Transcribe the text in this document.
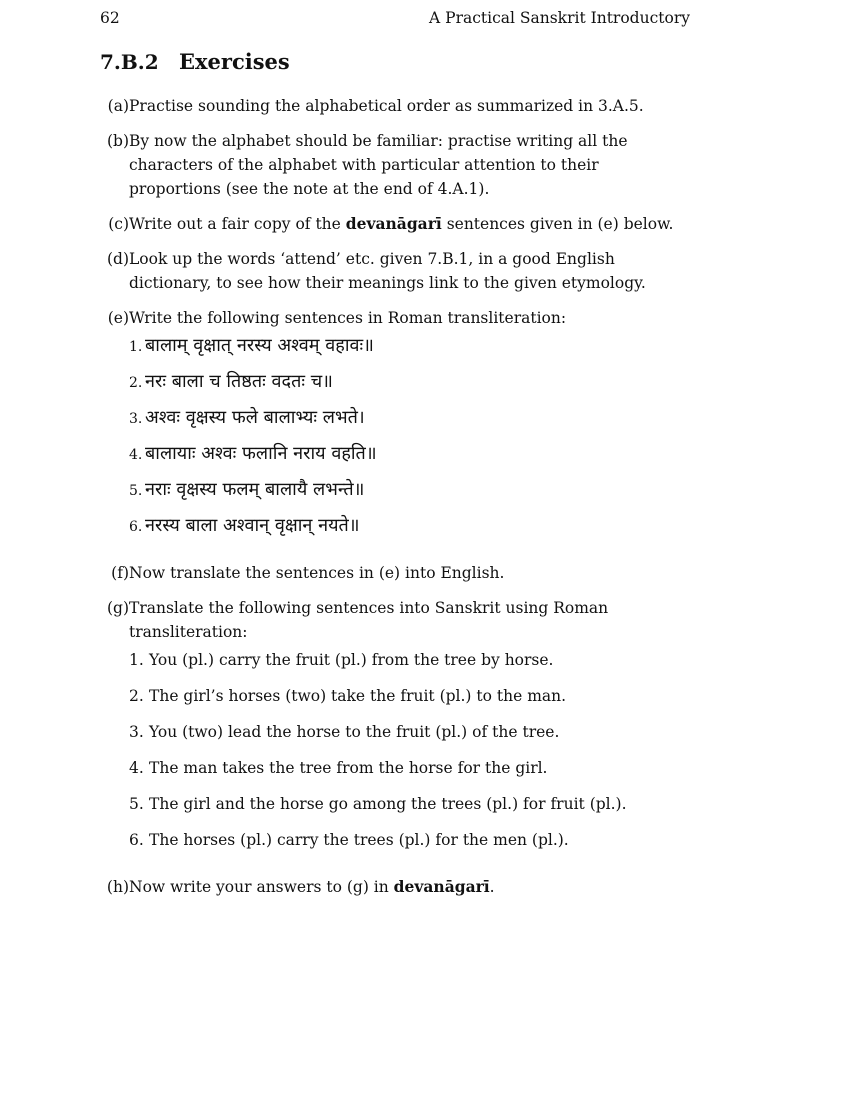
62	A Practical Sanskrit Introductory
7.B.2 Exercises
(a) Practise sounding the alphabetical order as summarized in 3.A.5.
(b) By now the alphabet should be familiar: practise writing all the characters of the alphabet with particular attention to their proportions (see the note at the end of 4.A.1).
(c) Write out a fair copy of the devanāgarī sentences given in (e) below.
(d) Look up the words ‘attend’ etc. given 7.B.1, in a good English dictionary, to see how their meanings link to the given etymology.
(e) Write the following sentences in Roman transliteration:
1. बालाम् वृक्षात् नरस्य अश्वम् वहावः॥
2. नरः बाला च तिष्ठतः वदतः च॥
3. अश्वः वृक्षस्य फले बालाभ्यः लभते।
4. बालायाः अश्वः फलानि नराय वहति॥
5. नराः वृक्षस्य फलम् बालायै लभन्ते॥
6. नरस्य बाला अश्वान् वृक्षान् नयते॥
(f) Now translate the sentences in (e) into English.
(g) Translate the following sentences into Sanskrit using Roman transliteration:
1. You (pl.) carry the fruit (pl.) from the tree by horse.
2. The girl’s horses (two) take the fruit (pl.) to the man.
3. You (two) lead the horse to the fruit (pl.) of the tree.
4. The man takes the tree from the horse for the girl.
5. The girl and the horse go among the trees (pl.) for fruit (pl.).
6. The horses (pl.) carry the trees (pl.) for the men (pl.).
(h) Now write your answers to (g) in devanāgarī.
